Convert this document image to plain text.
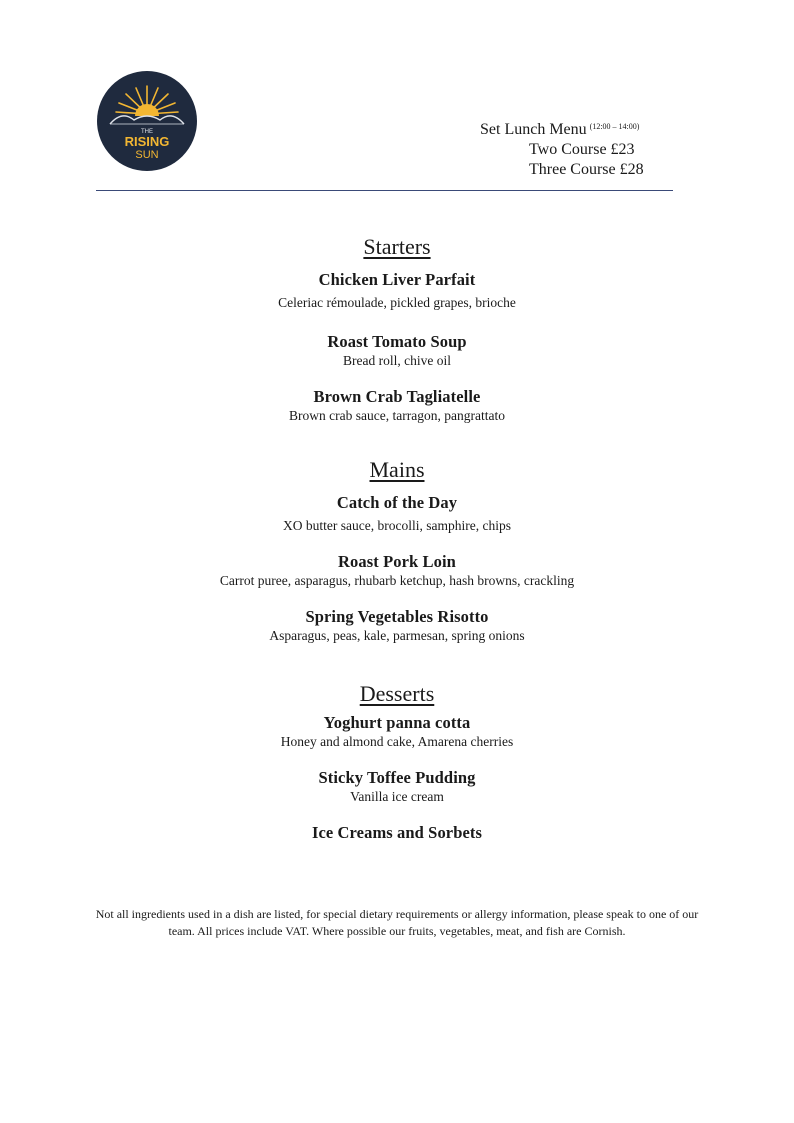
THE
RISING
SUN
Set Lunch Menu $^{(12:00 - 14:00)}$
Two Course £23
Three Course £28
Starters

Chicken Liver Parfait

Celeriac rémoulade, pickled grapes, brioche

Roast Tomato Soup

Bread roll, chive oil

Brown Crab Tagliatelle

Brown crab sauce, tarragon, pangrattato

Mains

Catch of the Day

XO butter sauce, brocolli, samphire, chips

Roast Pork Loin

Carrot puree, asparagus, rhubarb ketchup, hash browns, crackling

Spring Vegetables Risotto

Asparagus, peas, kale, parmesan, spring onions

Desserts

Yoghurt panna cotta

Honey and almond cake, Amarena cherries

Sticky Toffee Pudding

Vanilla ice cream

Ice Creams and Sorbets

Not all ingredients used in a dish are listed, for special dietary requirements or allergy information, please speak to one of our team. All prices include VAT. Where possible our fruits, vegetables, meat, and fish are Cornish.
